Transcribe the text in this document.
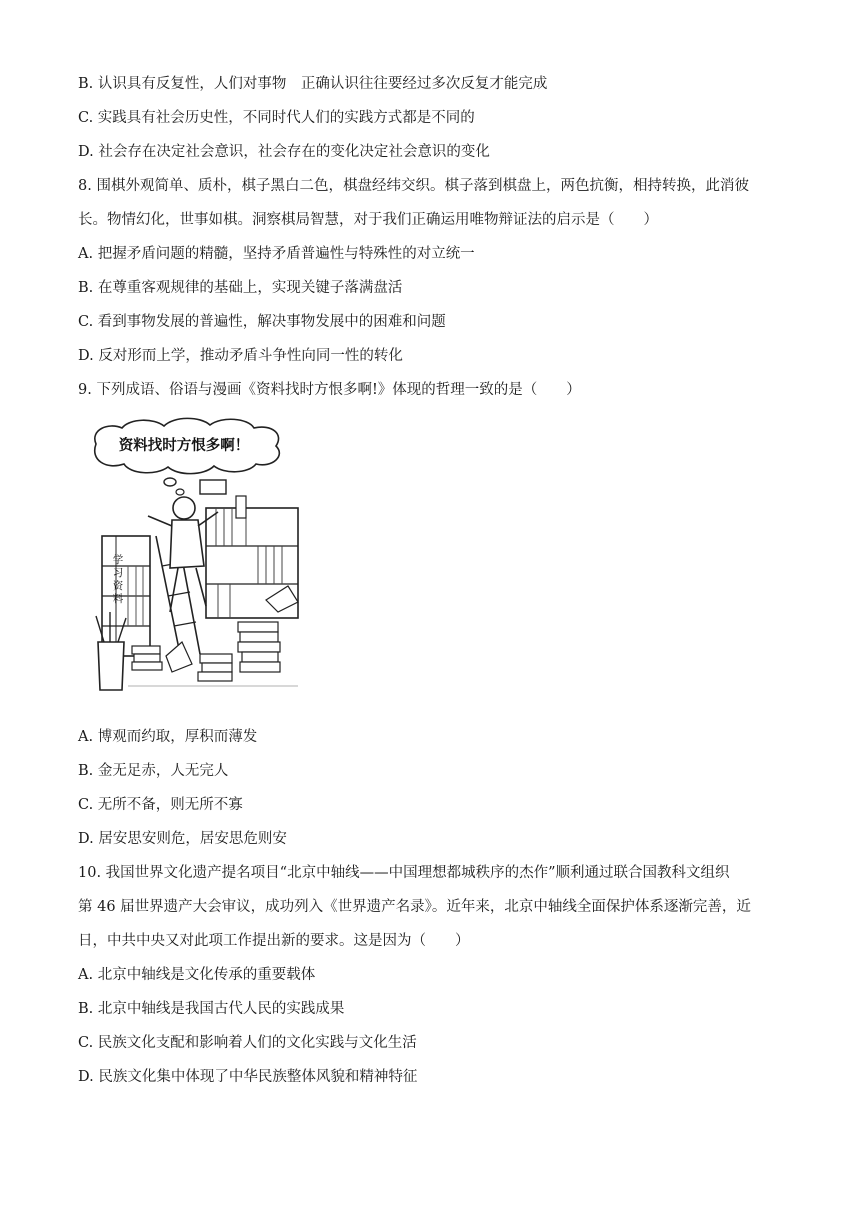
B. 认识具有反复性，人们对事物　正确认识往往要经过多次反复才能完成
C. 实践具有社会历史性，不同时代人们的实践方式都是不同的
D. 社会存在决定社会意识，社会存在的变化决定社会意识的变化
8. 围棋外观简单、质朴，棋子黑白二色，棋盘经纬交织。棋子落到棋盘上，两色抗衡，相持转换，此消彼
长。物情幻化，世事如棋。洞察棋局智慧，对于我们正确运用唯物辩证法的启示是（　　）
A. 把握矛盾问题的精髓，坚持矛盾普遍性与特殊性的对立统一
B. 在尊重客观规律的基础上，实现关键子落满盘活
C. 看到事物发展的普遍性，解决事物发展中的困难和问题
D. 反对形而上学，推动矛盾斗争性向同一性的转化
9. 下列成语、俗语与漫画《资料找时方恨多啊!》体现的哲理一致的是（　　）
资料找时方恨多啊！
学
习
资
料
A. 博观而约取，厚积而薄发
B. 金无足赤，人无完人
C. 无所不备，则无所不寡
D. 居安思安则危，居安思危则安
10. 我国世界文化遗产提名项目“北京中轴线——中国理想都城秩序的杰作”顺利通过联合国教科文组织
第 46 届世界遗产大会审议，成功列入《世界遗产名录》。近年来，北京中轴线全面保护体系逐渐完善，近
日，中共中央又对此项工作提出新的要求。这是因为（　　）
A. 北京中轴线是文化传承的重要载体
B. 北京中轴线是我国古代人民的实践成果
C. 民族文化支配和影响着人们的文化实践与文化生活
D. 民族文化集中体现了中华民族整体风貌和精神特征
